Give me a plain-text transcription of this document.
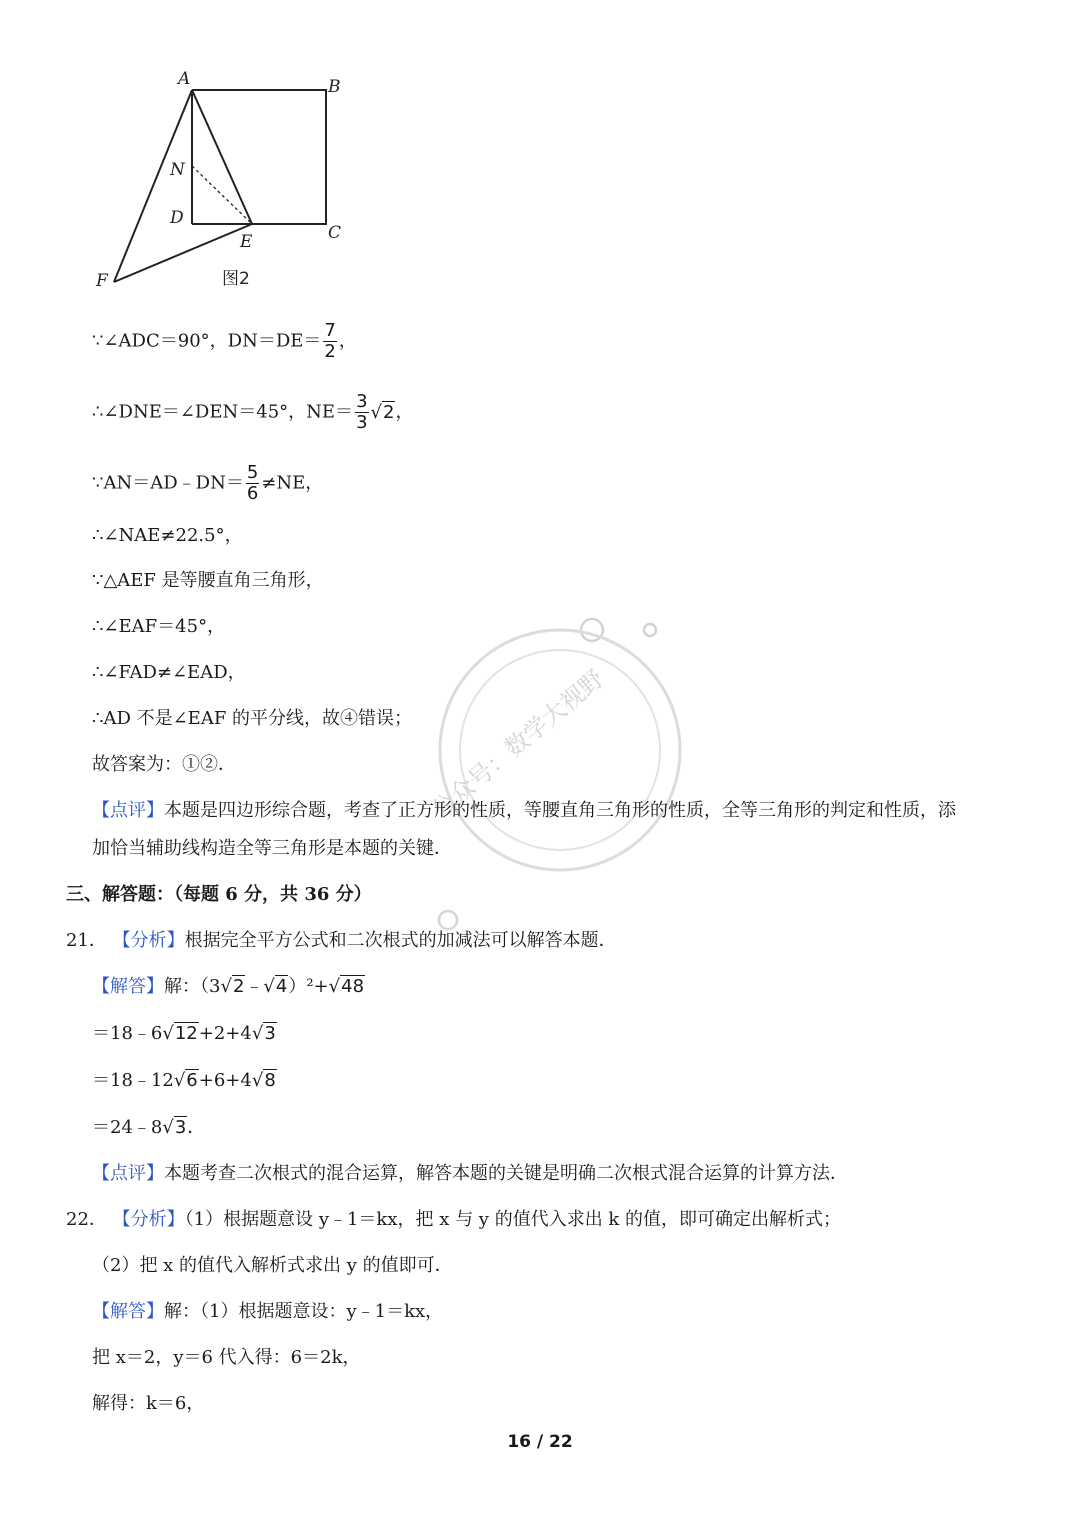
A	B
C
D
E
F
N
图2
公众号：数学大视野
∵∠ADC＝90°，$DN=DE= \frac{7}{2}$ ，
∴∠DNE＝∠DEN＝45°，$NE= \frac{3}{3} √2$，
∵AN＝AD﹣DN＝ $\frac{5}{6} \ne NE$，
∴∠NAE≠22.5°，
∵△AEF 是等腰直角三角形，
∴∠EAF＝45°，
∴∠FAD≠∠EAD，
∴AD 不是∠EAF 的平分线，故④错误；
故答案为：①②．
【点评】本题是四边形综合题，考查了正方形的性质，等腰直角三角形的性质，全等三角形的判定和性质，添
加恰当辅助线构造全等三角形是本题的关键．
三、解答题：（每题 6 分，共 36 分）
21． 【分析】根据完全平方公式和二次根式的加减法可以解答本题．
【解答】解：（3√2﹣√4）²+√48
＝18﹣6√12+2+4√3
＝18﹣12√6+6+4√8
＝24﹣8√3．
【点评】本题考查二次根式的混合运算，解答本题的关键是明确二次根式混合运算的计算方法．
22． 【分析】（1）根据题意设 y﹣1＝kx，把 x 与 y 的值代入求出 k 的值，即可确定出解析式；
（2）把 x 的值代入解析式求出 y 的值即可．
【解答】解：（1）根据题意设：y﹣1＝kx，
把 x＝2，y＝6 代入得：6＝2k，
解得：k＝6，
16 / 22
